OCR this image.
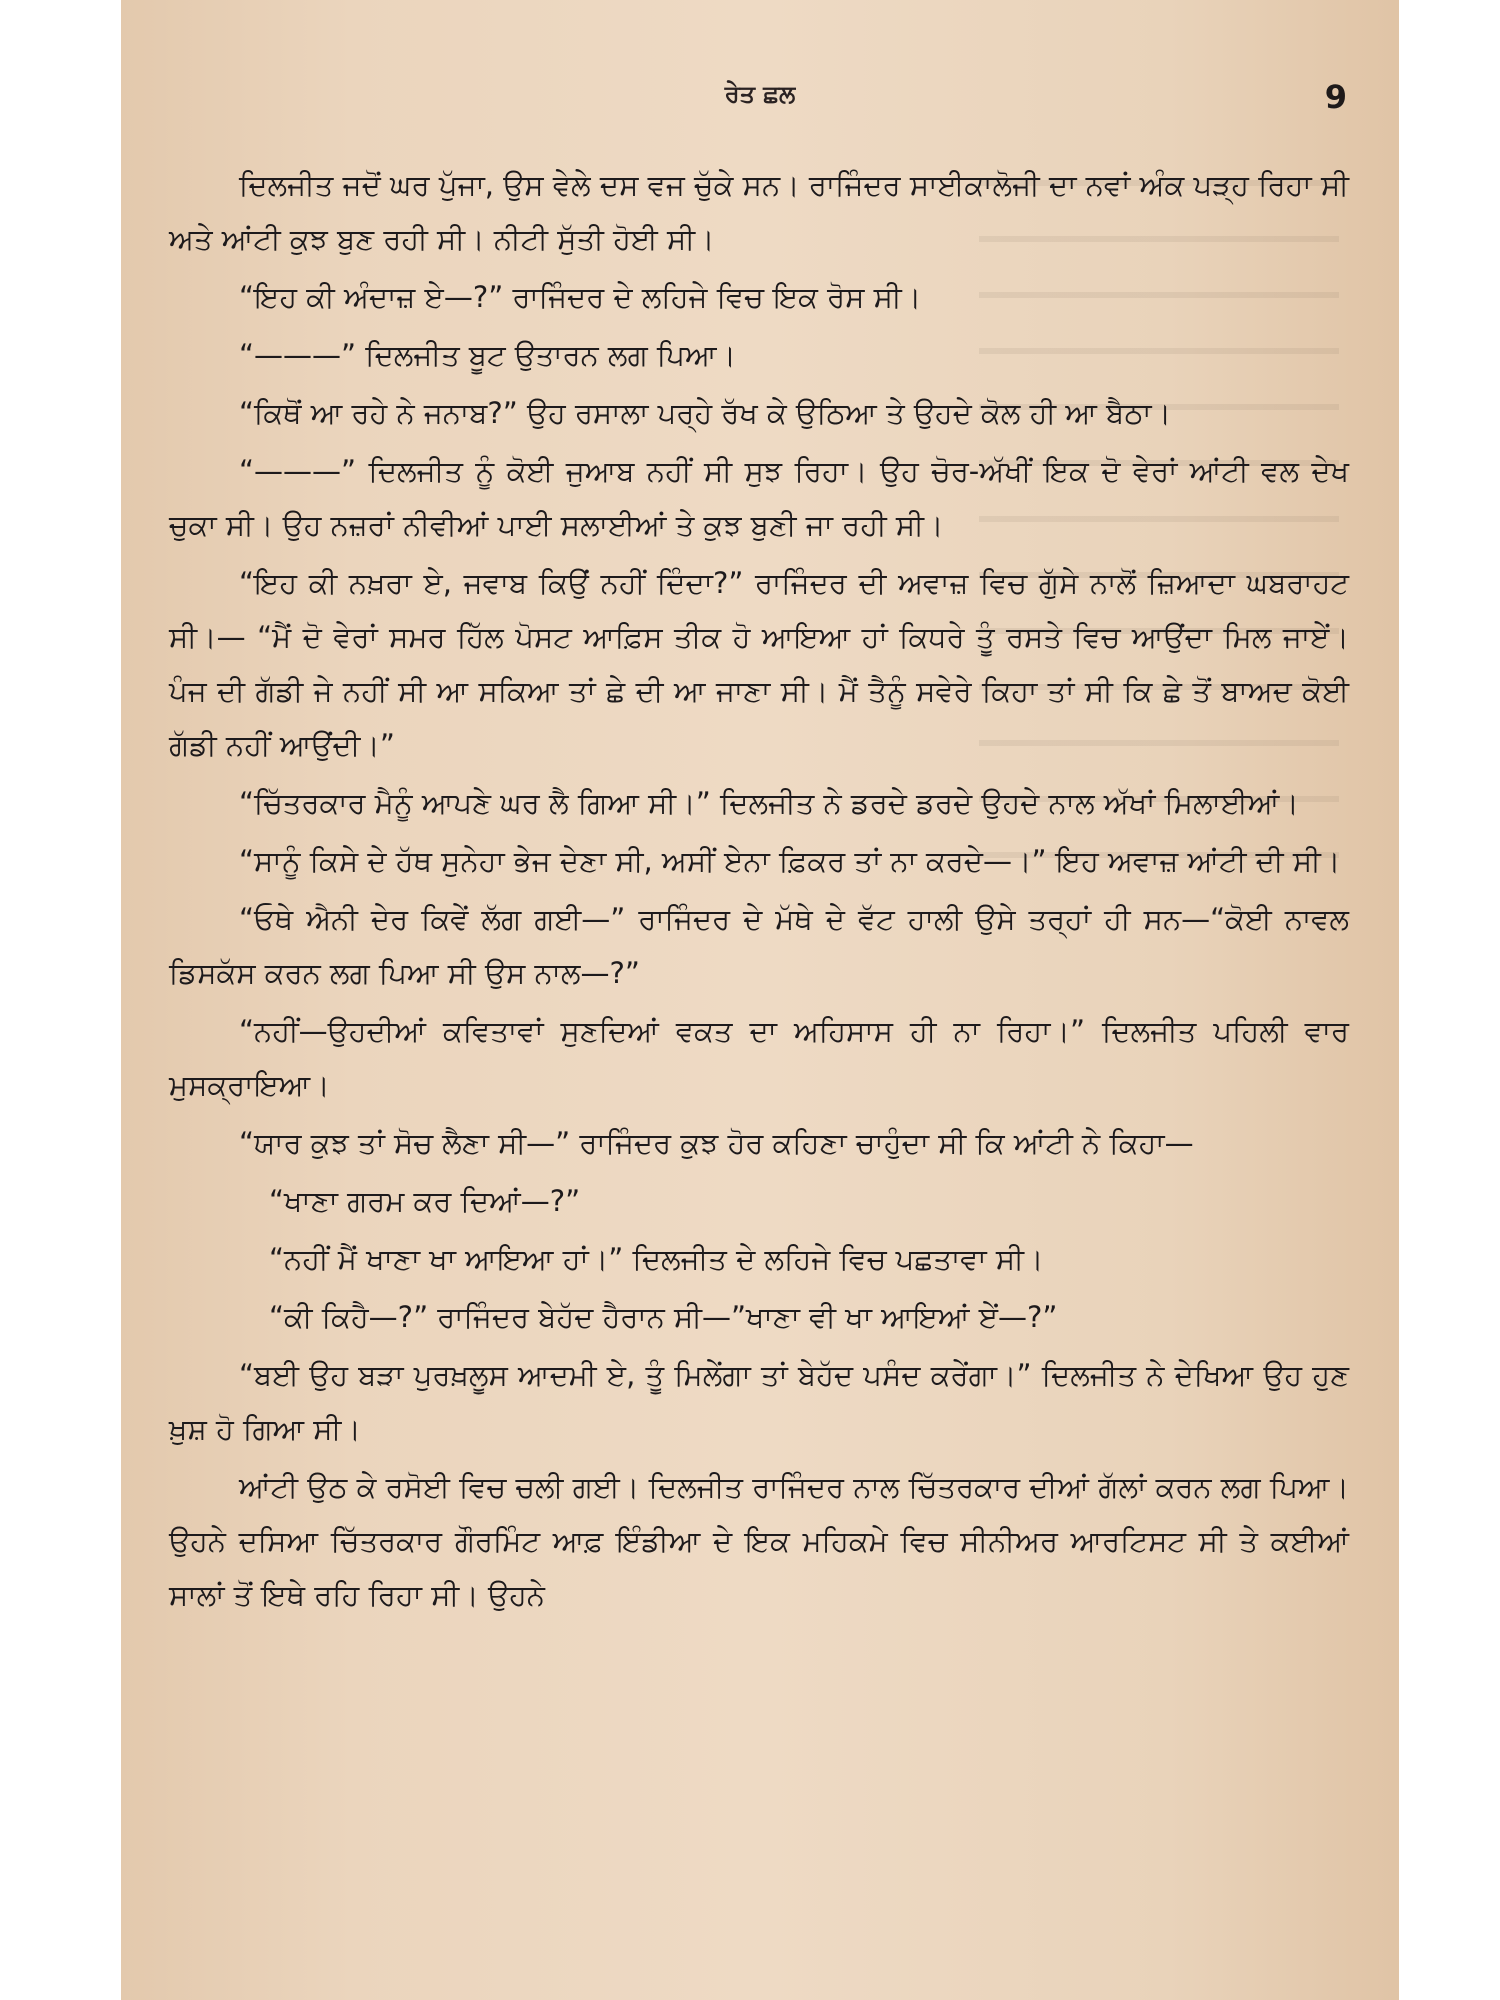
ਰੇਤ ਛਲ	9

ਦਿਲਜੀਤ ਜਦੋਂ ਘਰ ਪੁੱਜਾ, ਉਸ ਵੇਲੇ ਦਸ ਵਜ ਚੁੱਕੇ ਸਨ। ਰਾਜਿੰਦਰ ਸਾਈਕਾਲੋਜੀ ਦਾ ਨਵਾਂ ਅੰਕ ਪੜ੍ਹ ਰਿਹਾ ਸੀ ਅਤੇ ਆਂਟੀ ਕੁਝ ਬੁਣ ਰਹੀ ਸੀ। ਨੀਟੀ ਸੁੱਤੀ ਹੋਈ ਸੀ।

“ਇਹ ਕੀ ਅੰਦਾਜ਼ ਏ—?” ਰਾਜਿੰਦਰ ਦੇ ਲਹਿਜੇ ਵਿਚ ਇਕ ਰੋਸ ਸੀ।

“———” ਦਿਲਜੀਤ ਬੂਟ ਉਤਾਰਨ ਲਗ ਪਿਆ।

“ਕਿਥੋਂ ਆ ਰਹੇ ਨੇ ਜਨਾਬ?” ਉਹ ਰਸਾਲਾ ਪਰ੍ਹੇ ਰੱਖ ਕੇ ਉਠਿਆ ਤੇ ਉਹਦੇ ਕੋਲ ਹੀ ਆ ਬੈਠਾ।

“———” ਦਿਲਜੀਤ ਨੂੰ ਕੋਈ ਜੁਆਬ ਨਹੀਂ ਸੀ ਸੁਝ ਰਿਹਾ। ਉਹ ਚੋਰ-ਅੱਖੀਂ ਇਕ ਦੋ ਵੇਰਾਂ ਆਂਟੀ ਵਲ ਦੇਖ ਚੁਕਾ ਸੀ। ਉਹ ਨਜ਼ਰਾਂ ਨੀਵੀਆਂ ਪਾਈ ਸਲਾਈਆਂ ਤੇ ਕੁਝ ਬੁਣੀ ਜਾ ਰਹੀ ਸੀ।

“ਇਹ ਕੀ ਨਖ਼ਰਾ ਏ, ਜਵਾਬ ਕਿਉਂ ਨਹੀਂ ਦਿੰਦਾ?” ਰਾਜਿੰਦਰ ਦੀ ਅਵਾਜ਼ ਵਿਚ ਗੁੱਸੇ ਨਾਲੋਂ ਜ਼ਿਆਦਾ ਘਬਰਾਹਟ ਸੀ।— “ਮੈਂ ਦੋ ਵੇਰਾਂ ਸਮਰ ਹਿੱਲ ਪੋਸਟ ਆਫ਼ਿਸ ਤੀਕ ਹੋ ਆਇਆ ਹਾਂ ਕਿਧਰੇ ਤੂੰ ਰਸਤੇ ਵਿਚ ਆਉਂਦਾ ਮਿਲ ਜਾਏਂ। ਪੰਜ ਦੀ ਗੱਡੀ ਜੇ ਨਹੀਂ ਸੀ ਆ ਸਕਿਆ ਤਾਂ ਛੇ ਦੀ ਆ ਜਾਣਾ ਸੀ। ਮੈਂ ਤੈਨੂੰ ਸਵੇਰੇ ਕਿਹਾ ਤਾਂ ਸੀ ਕਿ ਛੇ ਤੋਂ ਬਾਅਦ ਕੋਈ ਗੱਡੀ ਨਹੀਂ ਆਉਂਦੀ।”

“ਚਿੱਤਰਕਾਰ ਮੈਨੂੰ ਆਪਣੇ ਘਰ ਲੈ ਗਿਆ ਸੀ।” ਦਿਲਜੀਤ ਨੇ ਡਰਦੇ ਡਰਦੇ ਉਹਦੇ ਨਾਲ ਅੱਖਾਂ ਮਿਲਾਈਆਂ।

“ਸਾਨੂੰ ਕਿਸੇ ਦੇ ਹੱਥ ਸੁਨੇਹਾ ਭੇਜ ਦੇਣਾ ਸੀ, ਅਸੀਂ ਏਨਾ ਫ਼ਿਕਰ ਤਾਂ ਨਾ ਕਰਦੇ—।” ਇਹ ਅਵਾਜ਼ ਆਂਟੀ ਦੀ ਸੀ।

“ਓਥੇ ਐਨੀ ਦੇਰ ਕਿਵੇਂ ਲੱਗ ਗਈ—” ਰਾਜਿੰਦਰ ਦੇ ਮੱਥੇ ਦੇ ਵੱਟ ਹਾਲੀ ਉਸੇ ਤਰ੍ਹਾਂ ਹੀ ਸਨ—“ਕੋਈ ਨਾਵਲ ਡਿਸਕੱਸ ਕਰਨ ਲਗ ਪਿਆ ਸੀ ਉਸ ਨਾਲ—?”

“ਨਹੀਂ—ਉਹਦੀਆਂ ਕਵਿਤਾਵਾਂ ਸੁਣਦਿਆਂ ਵਕਤ ਦਾ ਅਹਿਸਾਸ ਹੀ ਨਾ ਰਿਹਾ।” ਦਿਲਜੀਤ ਪਹਿਲੀ ਵਾਰ ਮੁਸਕ੍ਰਾਇਆ।

“ਯਾਰ ਕੁਝ ਤਾਂ ਸੋਚ ਲੈਣਾ ਸੀ—” ਰਾਜਿੰਦਰ ਕੁਝ ਹੋਰ ਕਹਿਣਾ ਚਾਹੁੰਦਾ ਸੀ ਕਿ ਆਂਟੀ ਨੇ ਕਿਹਾ—

“ਖਾਣਾ ਗਰਮ ਕਰ ਦਿਆਂ—?”

“ਨਹੀਂ ਮੈਂ ਖਾਣਾ ਖਾ ਆਇਆ ਹਾਂ।” ਦਿਲਜੀਤ ਦੇ ਲਹਿਜੇ ਵਿਚ ਪਛਤਾਵਾ ਸੀ।

“ਕੀ ਕਿਹੈ—?” ਰਾਜਿੰਦਰ ਬੇਹੱਦ ਹੈਰਾਨ ਸੀ—”ਖਾਣਾ ਵੀ ਖਾ ਆਇਆਂ ਏਂ—?”

“ਬਈ ਉਹ ਬੜਾ ਪੁਰਖ਼ਲੂਸ ਆਦਮੀ ਏ, ਤੂੰ ਮਿਲੇਂਗਾ ਤਾਂ ਬੇਹੱਦ ਪਸੰਦ ਕਰੇਂਗਾ।” ਦਿਲਜੀਤ ਨੇ ਦੇਖਿਆ ਉਹ ਹੁਣ ਖ਼ੁਸ਼ ਹੋ ਗਿਆ ਸੀ।

ਆਂਟੀ ਉਠ ਕੇ ਰਸੋਈ ਵਿਚ ਚਲੀ ਗਈ। ਦਿਲਜੀਤ ਰਾਜਿੰਦਰ ਨਾਲ ਚਿੱਤਰਕਾਰ ਦੀਆਂ ਗੱਲਾਂ ਕਰਨ ਲਗ ਪਿਆ। ਉਹਨੇ ਦਸਿਆ ਚਿੱਤਰਕਾਰ ਗੌਰਮਿੰਟ ਆਫ਼ ਇੰਡੀਆ ਦੇ ਇਕ ਮਹਿਕਮੇ ਵਿਚ ਸੀਨੀਅਰ ਆਰਟਿਸਟ ਸੀ ਤੇ ਕਈਆਂ ਸਾਲਾਂ ਤੋਂ ਇਥੇ ਰਹਿ ਰਿਹਾ ਸੀ। ਉਹਨੇ
